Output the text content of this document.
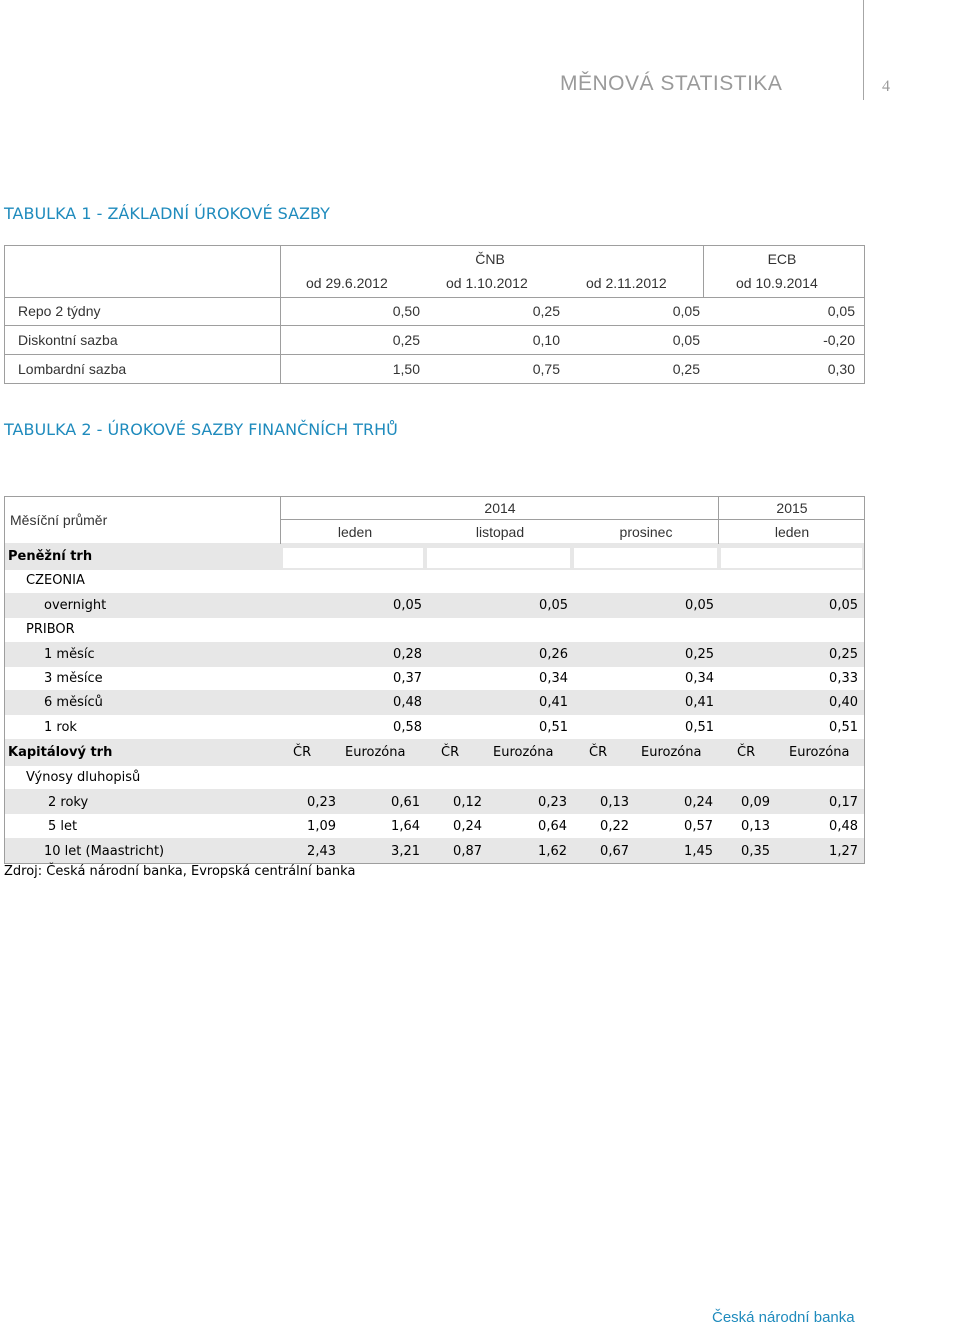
MĚNOVÁ STATISTIKA	4
TABULKA 1 - ZÁKLADNÍ ÚROKOVÉ SAZBY
ČNB	ECB
od 29.6.2012	od 1.10.2012	od 2.11.2012	od 10.9.2014
Repo 2 týdny	0,50	0,25	0,05	0,05
Diskontní sazba	0,25	0,10	0,05	-0,20
Lombardní sazba	1,50	0,75	0,25	0,30
TABULKA 2 - ÚROKOVÉ SAZBY FINANČNÍCH TRHŮ
Měsíční průměr
2014	2015
leden	listopad	prosinec	leden
Peněžní trh
CZEONIA
overnight	0,05	0,05	0,05	0,05
PRIBOR
1 měsíc	0,28	0,26	0,25	0,25
3 měsíce	0,37	0,34	0,34	0,33
6 měsíců	0,48	0,41	0,41	0,40
1 rok	0,58	0,51	0,51	0,51
Kapitálový trh	ČR	Eurozóna	ČR	Eurozóna	ČR	Eurozóna	ČR	Eurozóna
Výnosy dluhopisů
2 roky	0,23	0,61	0,12	0,23	0,13	0,24	0,09	0,17
5 let	1,09	1,64	0,24	0,64	0,22	0,57	0,13	0,48
10 let (Maastricht)	2,43	3,21	0,87	1,62	0,67	1,45	0,35	1,27
Zdroj: Česká národní banka, Evropská centrální banka
Česká národní banka
